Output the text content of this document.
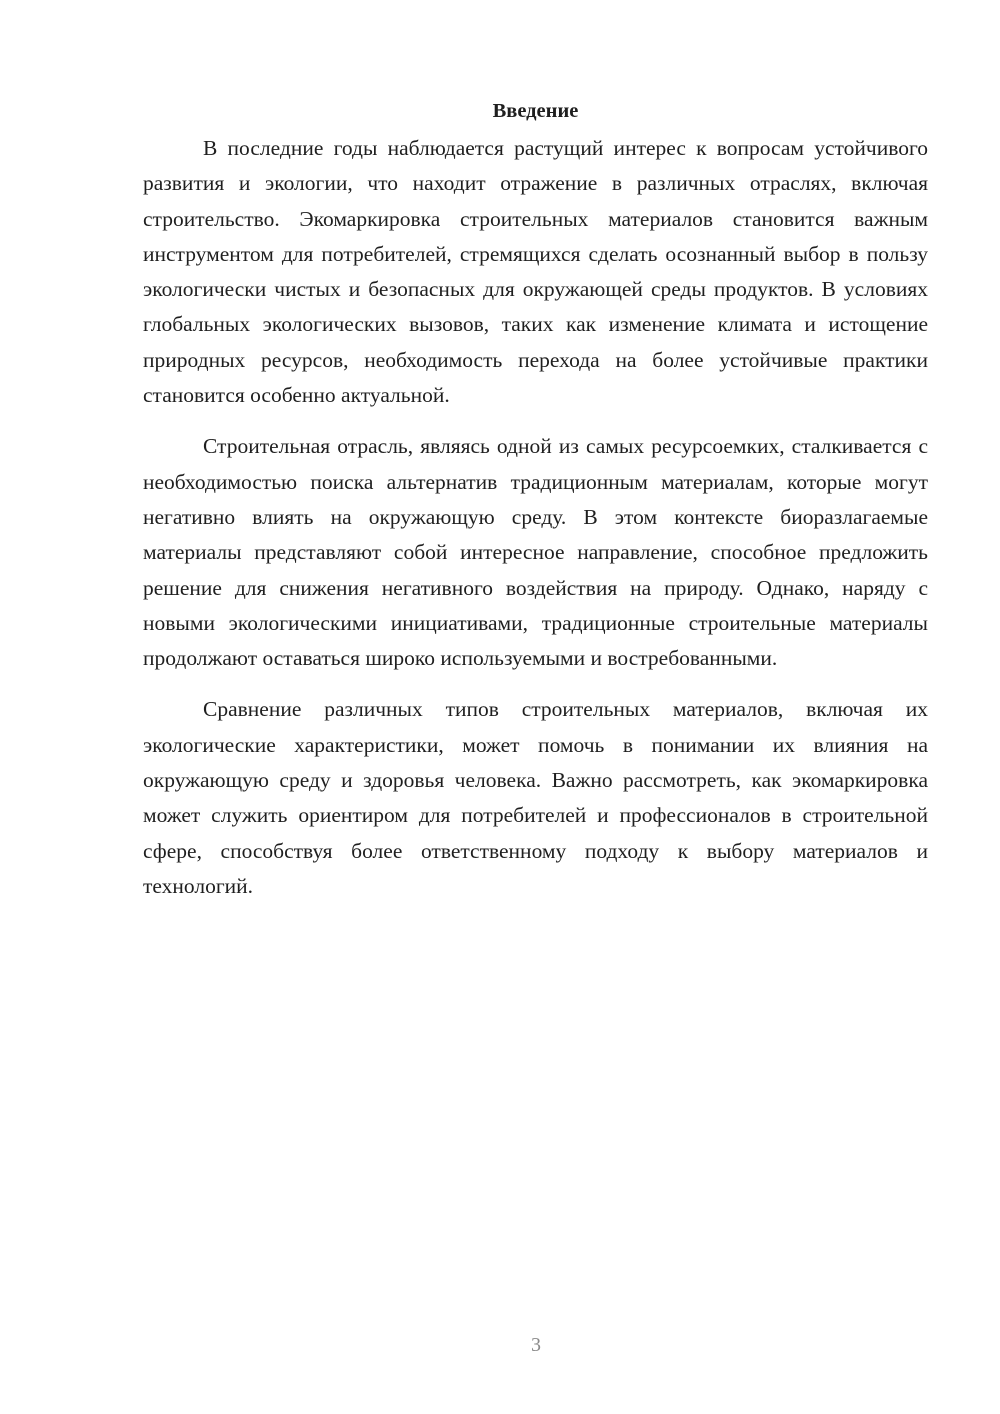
Введение

В последние годы наблюдается растущий интерес к вопросам устойчивого развития и экологии, что находит отражение в различных отраслях, включая строительство. Экомаркировка строительных материалов становится важным инструментом для потребителей, стремящихся сделать осознанный выбор в пользу экологически чистых и безопасных для окружающей среды продуктов. В условиях глобальных экологических вызовов, таких как изменение климата и истощение природных ресурсов, необходимость перехода на более устойчивые практики становится особенно актуальной.

Строительная отрасль, являясь одной из самых ресурсоемких, сталкивается с необходимостью поиска альтернатив традиционным материалам, которые могут негативно влиять на окружающую среду. В этом контексте биоразлагаемые материалы представляют собой интересное направление, способное предложить решение для снижения негативного воздействия на природу. Однако, наряду с новыми экологическими инициативами, традиционные строительные материалы продолжают оставаться широко используемыми и востребованными.

Сравнение различных типов строительных материалов, включая их экологические характеристики, может помочь в понимании их влияния на окружающую среду и здоровья человека. Важно рассмотреть, как экомаркировка может служить ориентиром для потребителей и профессионалов в строительной сфере, способствуя более ответственному подходу к выбору материалов и технологий.

3
